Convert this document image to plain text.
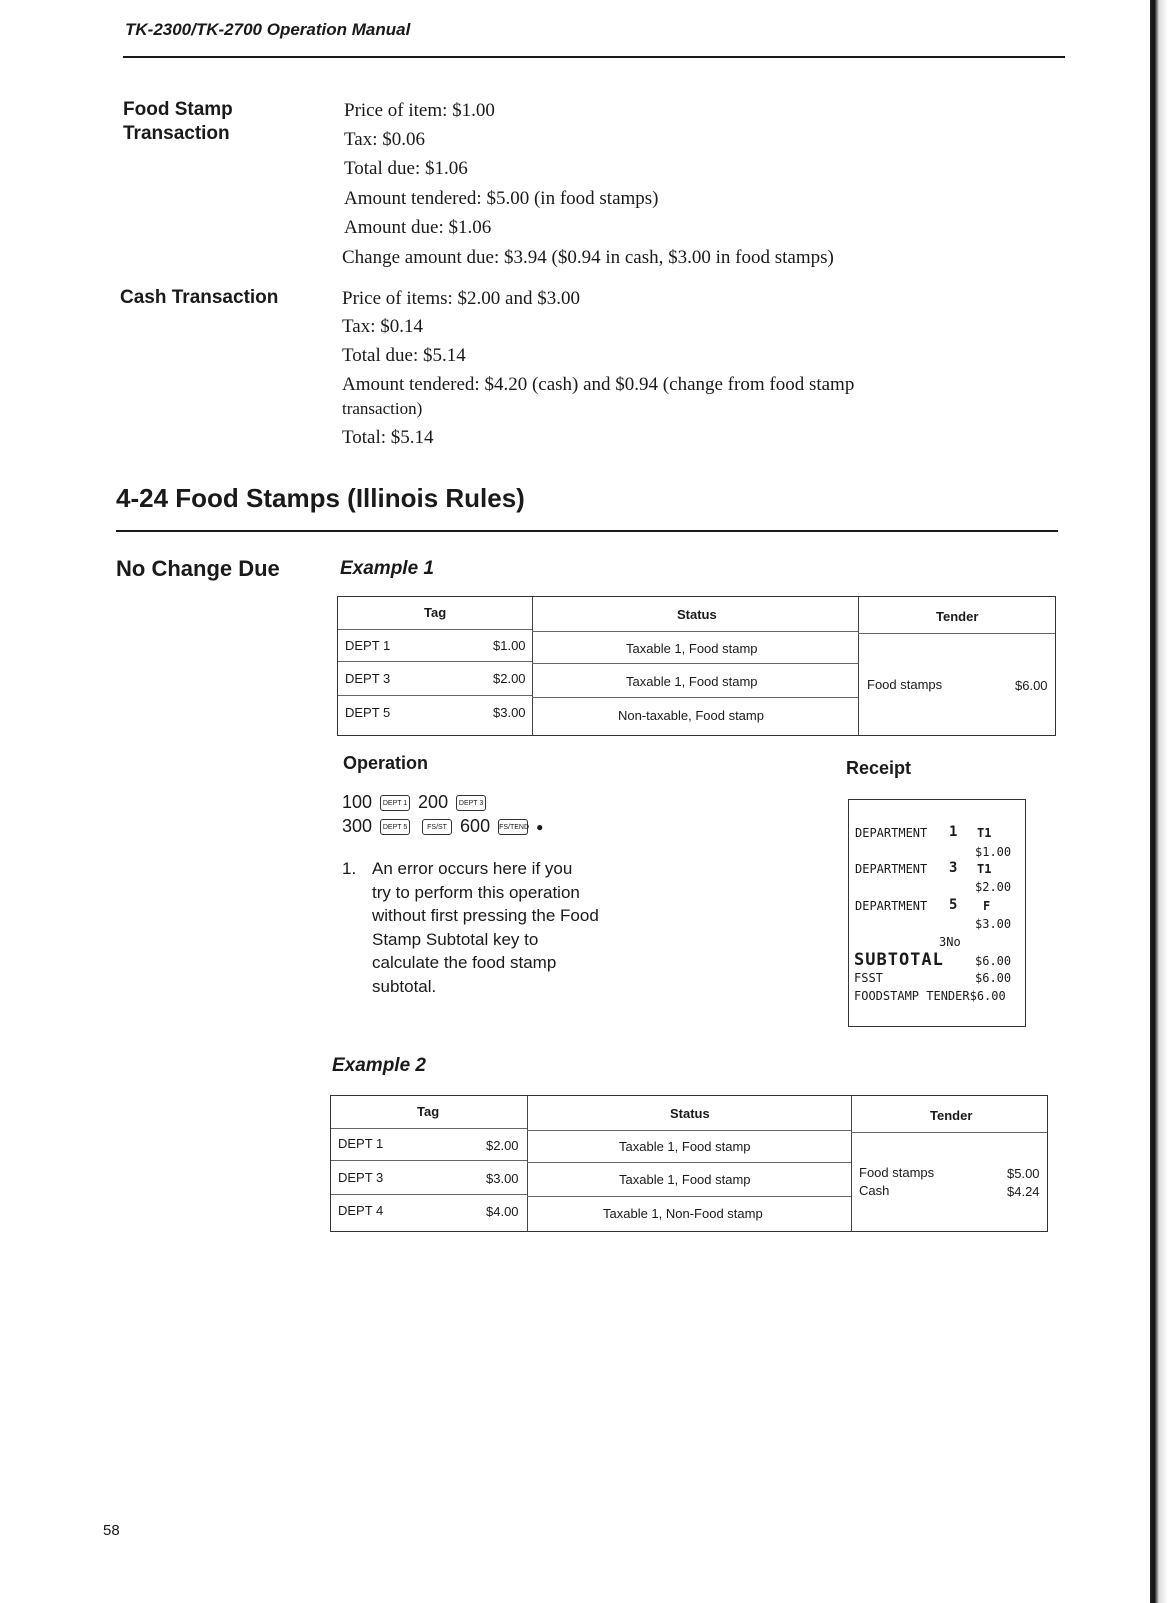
TK-2300/TK-2700 Operation Manual
Food Stamp
Transaction
Price of item: $1.00
Tax: $0.06
Total due: $1.06
Amount tendered: $5.00 (in food stamps)
Amount due: $1.06
Change amount due: $3.94 ($0.94 in cash, $3.00 in food stamps)
Cash Transaction	Price of items: $2.00 and $3.00
Tax: $0.14
Total due: $5.14
Amount tendered: $4.20 (cash) and $0.94 (change from food stamp
transaction)
Total: $5.14
4-24 Food Stamps (Illinois Rules)
No Change Due	Example 1
Tag	Status	Tender
DEPT 1	$1.00	Taxable 1, Food stamp
DEPT 3	$2.00	Taxable 1, Food stamp
DEPT 5	$3.00	Non-taxable, Food stamp
Food stamps	$6.00
Operation
100	DEPT 1 200	DEPT 3
300	DEPT 5	FS/ST 600 FS/TEND ●
1. An error occurs here if you
try to perform this operation
without first pressing the Food
Stamp Subtotal key to
calculate the food stamp
subtotal.
Receipt
DEPARTMENT 1 T1
$1.00
DEPARTMENT 3 T1
$2.00
DEPARTMENT 5 F
$3.00
3No
SUBTOTAL	$6.00
FSST	$6.00
FOODSTAMP TENDER$6.00
Example 2
Tag	Status	Tender
DEPT 1	$2.00	Taxable 1, Food stamp
DEPT 3	$3.00	Taxable 1, Food stamp
DEPT 4	$4.00	Taxable 1, Non-Food stamp
Food stamps	$5.00
Cash	$4.24
58
